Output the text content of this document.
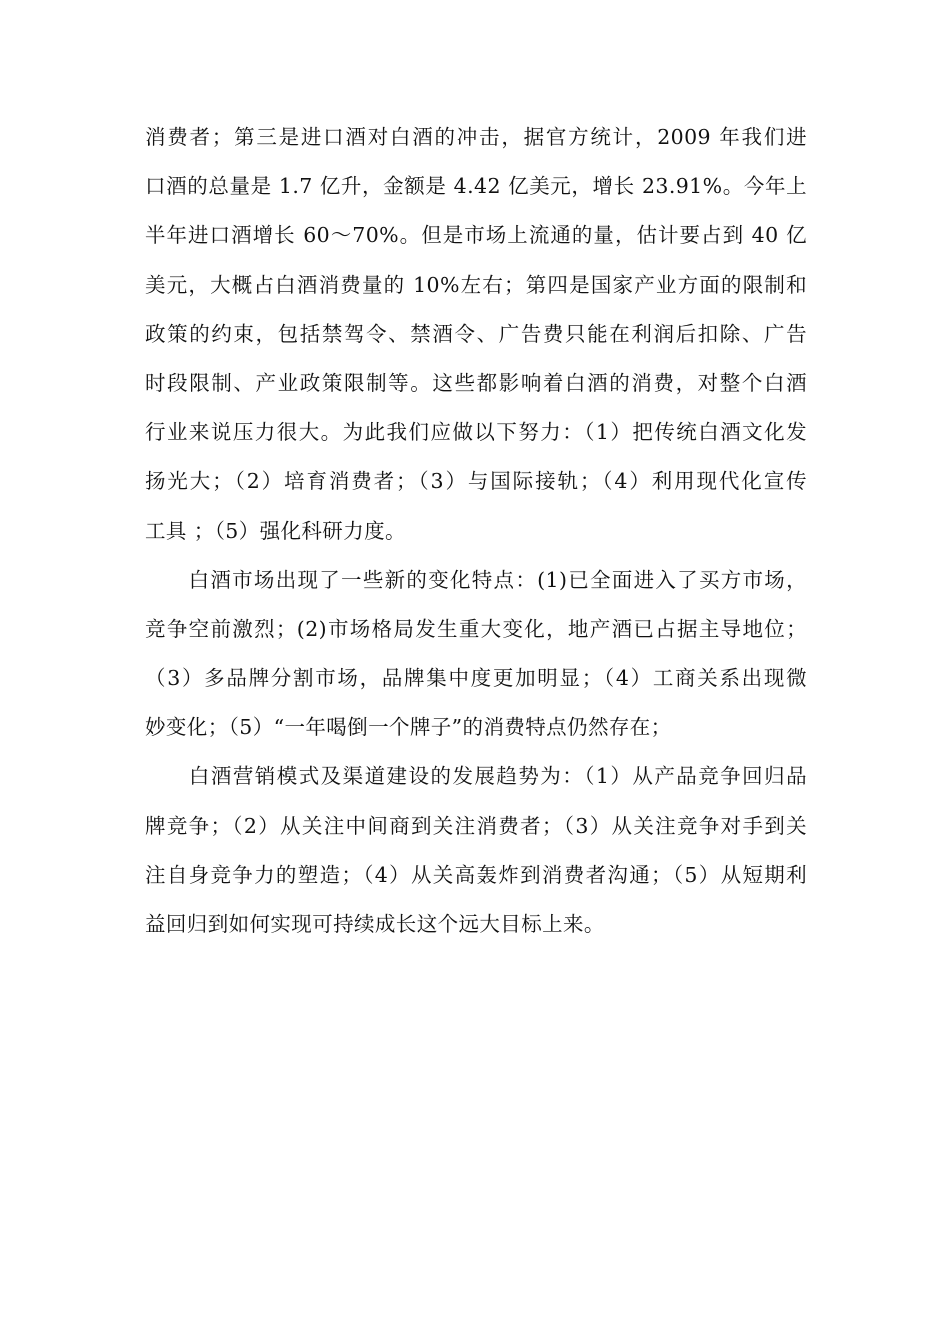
消费者；第三是进口酒对白酒的冲击，据官方统计，2009 年我们进
口酒的总量是 1.7 亿升，金额是 4.42 亿美元，增长 23.91%。今年上
半年进口酒增长 60～70%。但是市场上流通的量，估计要占到 40 亿
美元，大概占白酒消费量的 10%左右；第四是国家产业方面的限制和
政策的约束，包括禁驾令、禁酒令、广告费只能在利润后扣除、广告
时段限制、产业政策限制等。这些都影响着白酒的消费，对整个白酒
行业来说压力很大。为此我们应做以下努力：（1）把传统白酒文化发
扬光大；（2）培育消费者；（3）与国际接轨；（4）利用现代化宣传
工具 ；（5）强化科研力度。
　　白酒市场出现了一些新的变化特点：(1)已全面进入了买方市场，
竞争空前激烈；(2)市场格局发生重大变化，地产酒已占据主导地位；
（3）多品牌分割市场，品牌集中度更加明显；（4）工商关系出现微
妙变化；（5）“一年喝倒一个牌子”的消费特点仍然存在；
　　白酒营销模式及渠道建设的发展趋势为：（1）从产品竞争回归品
牌竞争；（2）从关注中间商到关注消费者；（3）从关注竞争对手到关
注自身竞争力的塑造；（4）从关高轰炸到消费者沟通；（5）从短期利
益回归到如何实现可持续成长这个远大目标上来。
